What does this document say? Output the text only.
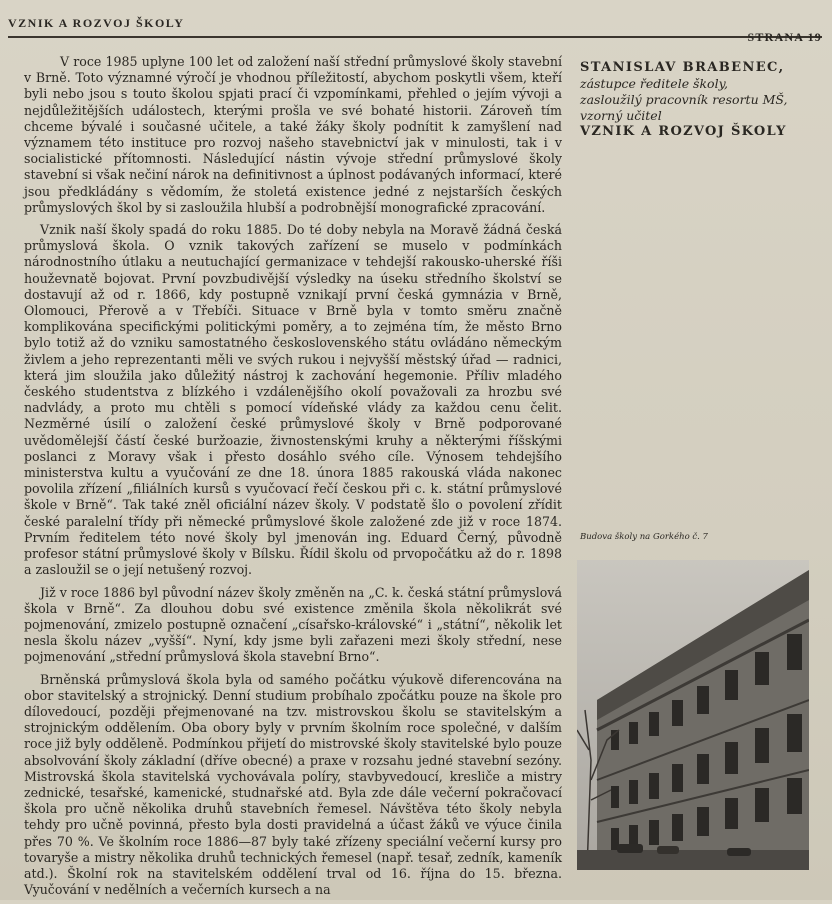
VZNIK A ROZVOJ ŠKOLY
STRANA 19

V roce 1985 uplyne 100 let od založení naší střední průmyslové školy stavební v Brně. Toto významné výročí je vhodnou příležitostí, abychom poskytli všem, kteří byli nebo jsou s touto školou spjati prací či vzpomínkami, přehled o jejím vývoji a nejdůležitějších událostech, kterými prošla ve své bohaté historii. Zároveň tím chceme bývalé i současné učitele, a také žáky školy podnítit k zamyšlení nad významem této instituce pro rozvoj našeho stavebnictví jak v minulosti, tak i v socialistické přítomnosti. Následující nástin vývoje střední průmyslové školy stavební si však nečiní nárok na definitivnost a úplnost podávaných informací, které jsou předkládány s vědomím, že stoletá existence jedné z nejstarších českých průmyslových škol by si zasloužila hlubší a podrobnější monografické zpracování.

Vznik naší školy spadá do roku 1885. Do té doby nebyla na Moravě žádná česká průmyslová škola. O vznik takových zařízení se muselo v podmínkách národnostního útlaku a neutuchající germanizace v tehdejší rakousko-uherské říši houževnatě bojovat. První povzbudivější výsledky na úseku středního školství se dostavují až od r. 1866, kdy postupně vznikají první česká gymnázia v Brně, Olomouci, Přerově a v Třebíči. Situace v Brně byla v tomto směru značně komplikována specifickými politickými poměry, a to zejména tím, že město Brno bylo totiž až do vzniku samostatného československého státu ovládáno německým živlem a jeho reprezentanti měli ve svých rukou i nejvyšší městský úřad — radnici, která jim sloužila jako důležitý nástroj k zachování hegemonie. Příliv mladého českého studentstva z blízkého i vzdálenějšího okolí považovali za hrozbu své nadvlády, a proto mu chtěli s pomocí vídeňské vlády za každou cenu čelit. Nezměrné úsilí o založení české průmyslové školy v Brně podporované uvědomělejší částí české buržoazie, živnostenskými kruhy a některými říšskými poslanci z Moravy však i přesto dosáhlo svého cíle. Výnosem tehdejšího ministerstva kultu a vyučování ze dne 18. února 1885 rakouská vláda nakonec povolila zřízení „filiálních kursů s vyučovací řečí českou při c. k. státní průmyslové škole v Brně“. Tak také zněl oficiální název školy. V podstatě šlo o povolení zřídit české paralelní třídy při německé průmyslové škole založené zde již v roce 1874. Prvním ředitelem této nové školy byl jmenován ing. Eduard Černý, původně profesor státní průmyslové školy v Bílsku. Řídil školu od prvopočátku až do r. 1898 a zasloužil se o její netušený rozvoj.

Již v roce 1886 byl původní název školy změněn na „C. k. česká státní průmyslová škola v Brně“. Za dlouhou dobu své existence změnila škola několikrát své pojmenování, zmizelo postupně označení „císařsko-královské“ i „státní“, několik let nesla školu název „vyšší“. Nyní, kdy jsme byli zařazeni mezi školy střední, nese pojmenování „střední průmyslová škola stavební Brno“.

Brněnská průmyslová škola byla od samého počátku výukově diferencována na obor stavitelský a strojnický. Denní studium probíhalo zpočátku pouze na škole pro dílovedoucí, později přejmenované na tzv. mistrovskou školu se stavitelským a strojnickým oddělením. Oba obory byly v prvním školním roce společné, v dalším roce již byly odděleně. Podmínkou přijetí do mistrovské školy stavitelské bylo pouze absolvování školy základní (dříve obecné) a praxe v rozsahu jedné stavební sezóny. Mistrovská škola stavitelská vychovávala políry, stavbyvedoucí, kresliče a mistry zednické, tesařské, kamenické, studnařské atd. Byla zde dále večerní pokračovací škola pro učně několika druhů stavebních řemesel. Návštěva této školy nebyla tehdy pro učně povinná, přesto byla dosti pravidelná a účast žáků ve výuce činila přes 70 %. Ve školním roce 1886—87 byly také zřízeny speciální večerní kursy pro tovaryše a mistry několika druhů technických řemesel (např. tesař, zedník, kameník atd.). Školní rok na stavitelském oddělení trval od 16. října do 15. března. Vyučování v nedělních a večerních kursech a na

STANISLAV BRABENEC,
zástupce ředitele školy,
zasloužilý pracovník resortu MŠ,
vzorný učitel
VZNIK A ROZVOJ ŠKOLY
Budova školy na Gorkého č. 7
